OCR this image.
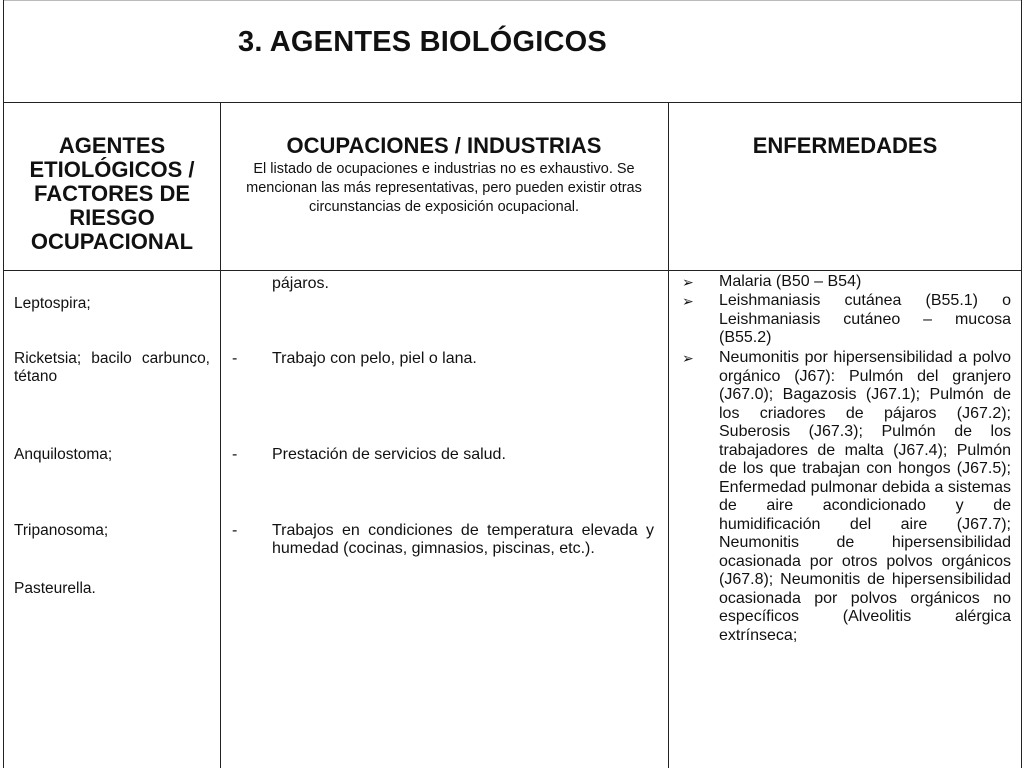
3. AGENTES BIOLÓGICOS
AGENTES ETIOLÓGICOS / FACTORES DE RIESGO OCUPACIONAL
OCUPACIONES / INDUSTRIAS
El listado de ocupaciones e industrias no es exhaustivo. Se mencionan las más representativas, pero pueden existir otras circunstancias de exposición ocupacional.
ENFERMEDADES
Leptospira;
Ricketsia; bacilo carbunco, tétano
Anquilostoma;
Tripanosoma;
Pasteurella.
pájaros.
- Trabajo con pelo, piel o lana.
- Prestación de servicios de salud.
- Trabajos en condiciones de temperatura elevada y humedad (cocinas, gimnasios, piscinas, etc.).
➢ Malaria (B50 – B54)
➢ Leishmaniasis cutánea (B55.1) o Leishmaniasis cutáneo – mucosa (B55.2)
➢ Neumonitis por hipersensibilidad a polvo orgánico (J67): Pulmón del granjero (J67.0); Bagazosis (J67.1); Pulmón de los criadores de pájaros (J67.2); Suberosis (J67.3); Pulmón de los trabajadores de malta (J67.4); Pulmón de los que trabajan con hongos (J67.5); Enfermedad pulmonar debida a sistemas de aire acondicionado y de humidificación del aire (J67.7); Neumonitis de hipersensibilidad ocasionada por otros polvos orgánicos (J67.8); Neumonitis de hipersensibilidad ocasionada por polvos orgánicos no específicos (Alveolitis alérgica extrínseca;
